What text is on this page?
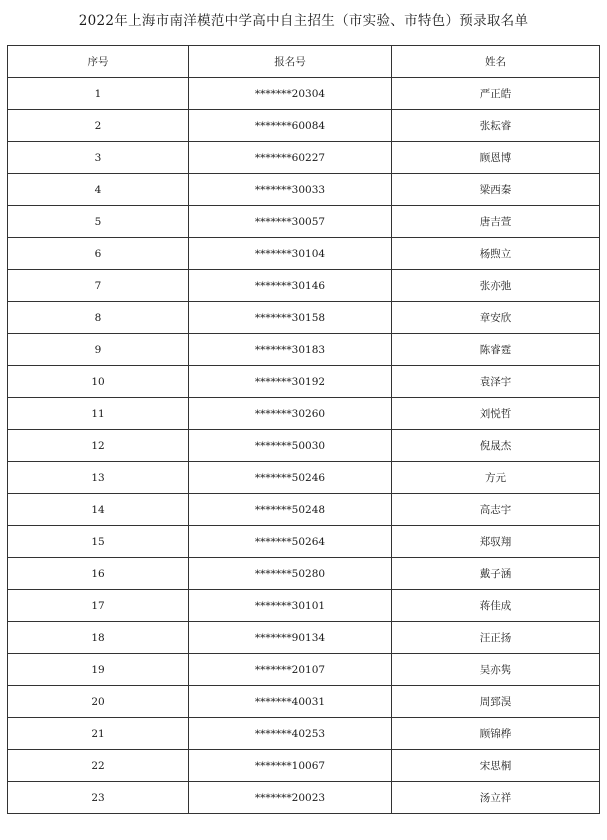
2022年上海市南洋模范中学高中自主招生（市实验、市特色）预录取名单
序号	报名号	姓名
1	*******20304	严正皓
2	*******60084	张耘睿
3	*******60227	顾恩博
4	*******30033	梁西秦
5	*******30057	唐吉萱
6	*******30104	杨煦立
7	*******30146	张亦弛
8	*******30158	章安欣
9	*******30183	陈睿霆
10	*******30192	袁泽宇
11	*******30260	刘悦哲
12	*******50030	倪晟杰
13	*******50246	方元
14	*******50248	高志宇
15	*******50264	郑驭翔
16	*******50280	戴子涵
17	*******30101	蒋佳成
18	*******90134	汪正扬
19	*******20107	吴亦隽
20	*******40031	周郅淏
21	*******40253	顾锦桦
22	*******10067	宋思桐
23	*******20023	汤立祥
